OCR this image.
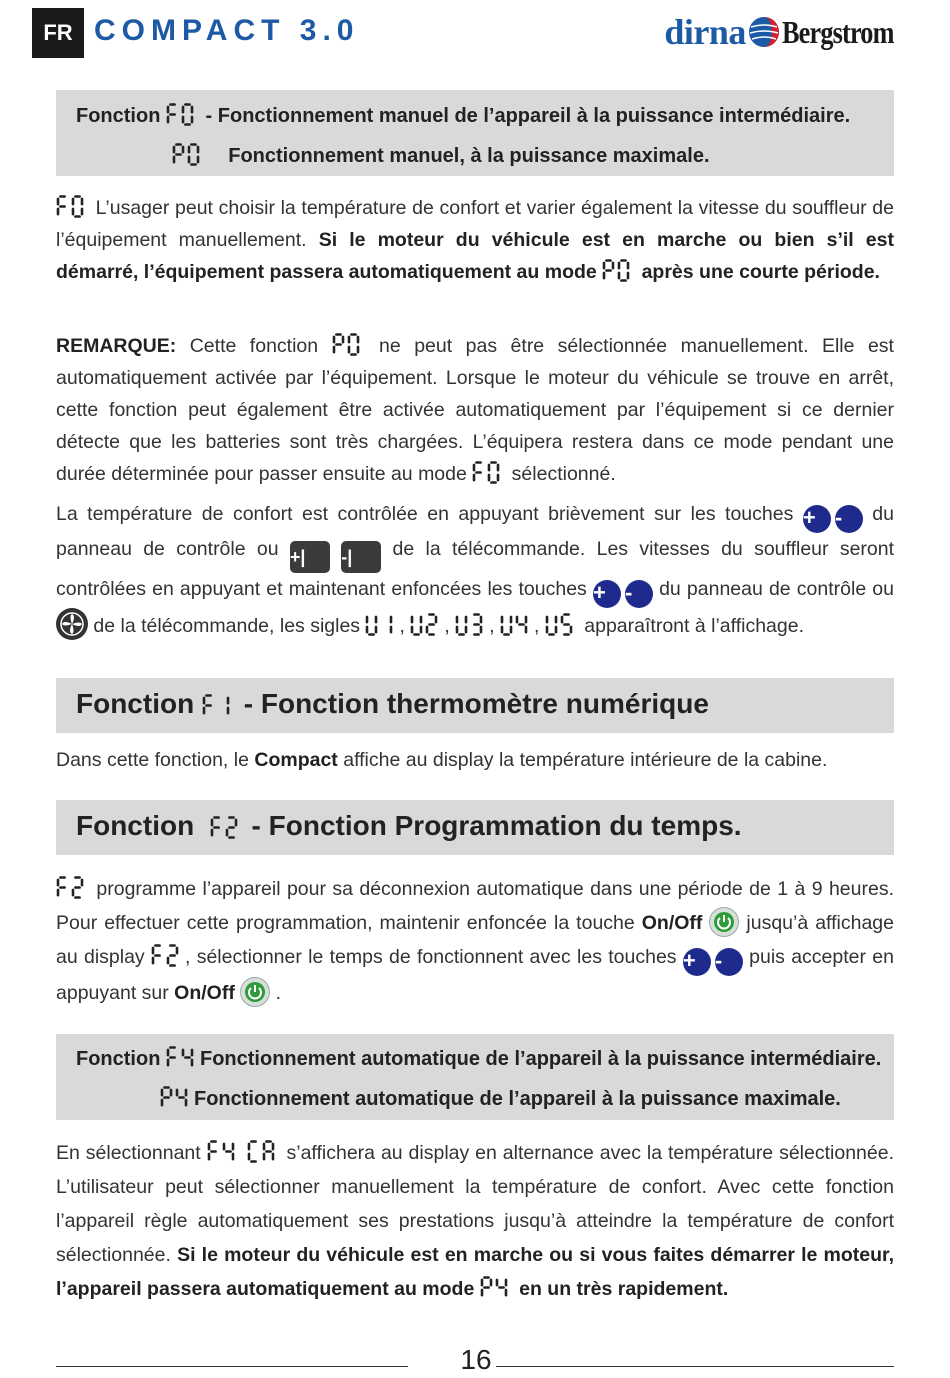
FR COMPACT 3.0	dirna Bergstrom
Fonction
- Fonctionnement manuel de l’appareil à la puissance intermédiaire.
Fonctionnement manuel, à la puissance maximale.

L’usager peut choisir la température de confort et varier également la vitesse du souffleur de l’équipement manuellement. Si le moteur du véhicule est en marche ou bien s’il est démarré, l’équipement passera automatiquement au mode
après une courte période.

REMARQUE: Cette fonction
ne peut pas être sélectionnée manuellement. Elle est automatiquement activée par l’équipement. Lorsque le moteur du véhicule se trouve en arrêt, cette fonction peut également être activée automatiquement par l’équipement si ce dernier détecte que les batteries sont très chargées. L’équipera restera dans ce mode pendant une durée déterminée pour passer ensuite au mode
sélectionné.

La température de confort est contrôlée en appuyant brièvement sur les touches + -	du panneau de contrôle ou +| -| de la télécommande. Les vitesses du souffleur seront contrôlées en appuyant et maintenant enfoncées les touches + -	du panneau de contrôle ou  de la télécommande, les sigles
,
,
,
,
apparaîtront à l’affichage.

Fonction
- Fonction thermomètre numérique

Dans cette fonction, le Compact affiche au display la température intérieure de la cabine.

Fonction
- Fonction Programmation du temps.

programme l’appareil pour sa déconnexion automatique dans une période de 1 à 9 heures. Pour effectuer cette programmation, maintenir enfoncée la touche On/Off  jusqu’à affichage au display
, sélectionner le temps de fonctionnent avec les touches + -	puis accepter en appuyant sur On/Off  .

Fonction Fonctionnement automatique de l’appareil à la puissance intermédiaire.
Fonctionnement automatique de l’appareil à la puissance maximale.

En sélectionnant
	s’affichera au display en alternance avec la température sélectionnée. L’utilisateur peut sélectionner manuellement la température de confort. Avec cette fonction l’appareil règle automatiquement ses prestations jusqu’à atteindre la température de confort sélectionnée. Si le moteur du véhicule est en marche ou si vous faites démarrer le moteur, l’appareil passera automatiquement au mode
en un très rapidement.

16
